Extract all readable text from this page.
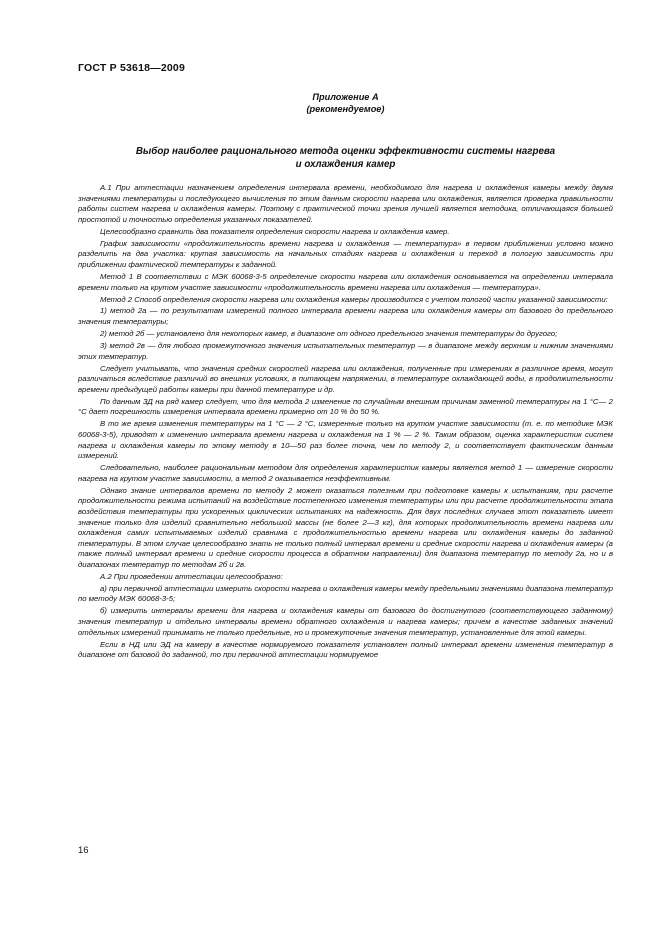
ГОСТ Р 53618—2009
Приложение А
(рекомендуемое)
Выбор наиболее рационального метода оценки эффективности системы нагрева
и охлаждения камер

А.1 При аттестации назначением определения интервала времени, необходимого для нагрева и охлаждения камеры между двумя значениями температуры и последующего вычисления по этим данным скорости нагрева или охлаждения, является проверка правильности работы систем нагрева и охлаждения камеры. Поэтому с практической точки зрения лучшей является методика, отличающаяся большей простотой и точностью определения указанных показателей.

Целесообразно сравнить два показателя определения скорости нагрева и охлаждения камер.

График зависимости «продолжительность времени нагрева и охлаждения — температура» в первом приближении условно можно разделить на два участка: крутая зависимость на начальных стадиях нагрева и охлаждения и переход в пологую зависимость при приближении фактической температуры к заданной.

Метод 1 В соответствии с МЭК 60068-3-5 определение скорости нагрева или охлаждения основывается на определении интервала времени только на крутом участке зависимости «продолжительность времени нагрева или охлаждения — температура».

Метод 2 Способ определения скорости нагрева или охлаждения камеры производится с учетом пологой части указанной зависимости:

1) метод 2а — по результатам измерений полного интервала времени нагрева или охлаждения камеры от базового до предельного значения температуры;

2) метод 2б — установлено для некоторых камер, в диапазоне от одного предельного значения температуры до другого;

3) метод 2в — для любого промежуточного значения испытательных температур — в диапазоне между верхним и нижним значениями этих температур.

Следует учитывать, что значения средних скоростей нагрева или охлаждения, полученные при измерениях в различное время, могут различаться вследствие различий во внешних условиях, в питающем напряжении, в температуре охлаждающей воды, в продолжительности времени предыдущей работы камеры при данной температуре и др.

По данным ЗД на ряд камер следует, что для метода 2 изменение по случайным внешним причинам заменной температуры на 1 °С— 2 °С дает погрешность измерения интервала времени примерно от 10 % до 50 %.

В то же время изменения температуры на 1 °С — 2 °С, измеренные только на крутом участке зависимости (т. е. по методике МЭК 60068-3-5), приводят к изменению интервала времени нагрева и охлаждения на 1 % — 2 %. Таким образом, оценка характеристик систем нагрева и охлаждения камеры по этому методу в 10—50 раз более точна, чем по методу 2, и соответствует фактическим данным измерений.

Следовательно, наиболее рациональным методом для определения характеристик камеры является метод 1 — измерение скорости нагрева на крутом участке зависимости, а метод 2 оказывается неэффективным.

Однако знание интервалов времени по методу 2 может оказаться полезным при подготовке камеры к испытаниям, при расчете продолжительности режима испытаний на воздействие постепенного изменения температуры или при расчете продолжительности этапа воздействия температуры при ускоренных циклических испытаниях на надежность. Для двух последних случаев этот показатель имеет значение только для изделий сравнительно небольшой массы (не более 2—3 кг), для которых продолжительность времени нагрева или охлаждения самих испытываемых изделий сравнима с продолжительностью времени нагрева или охлаждения камеры до заданной температуры. В этом случае целесообразно знать не только полный интервал времени и средние скорости нагрева и охлаждения камеры (а также полный интервал времени и средние скорости процесса в обратном направлении) для диапазона температур по методу 2а, но и в диапазонах температур по методам 2б и 2в.

А.2 При проведении аттестации целесообразно:

а) при первичной аттестации измерить скорости нагрева и охлаждения камеры между предельными значениями диапазона температур по методу МЭК 60068-3-5;

б) измерить интервалы времени для нагрева и охлаждения камеры от базового до достигнутого (соответствующего заданному) значения температур и отдельно интервалы времени обратного охлаждения и нагрева камеры; причем в качестве заданных значений отдельных измерений принимать не только предельные, но и промежуточные значения температур, установленные для этой камеры.

Если в НД или ЭД на камеру в качестве нормируемого показателя установлен полный интервал времени изменения температур в диапазоне от базовой до заданной, то при первичной аттестации нормируемое

16
